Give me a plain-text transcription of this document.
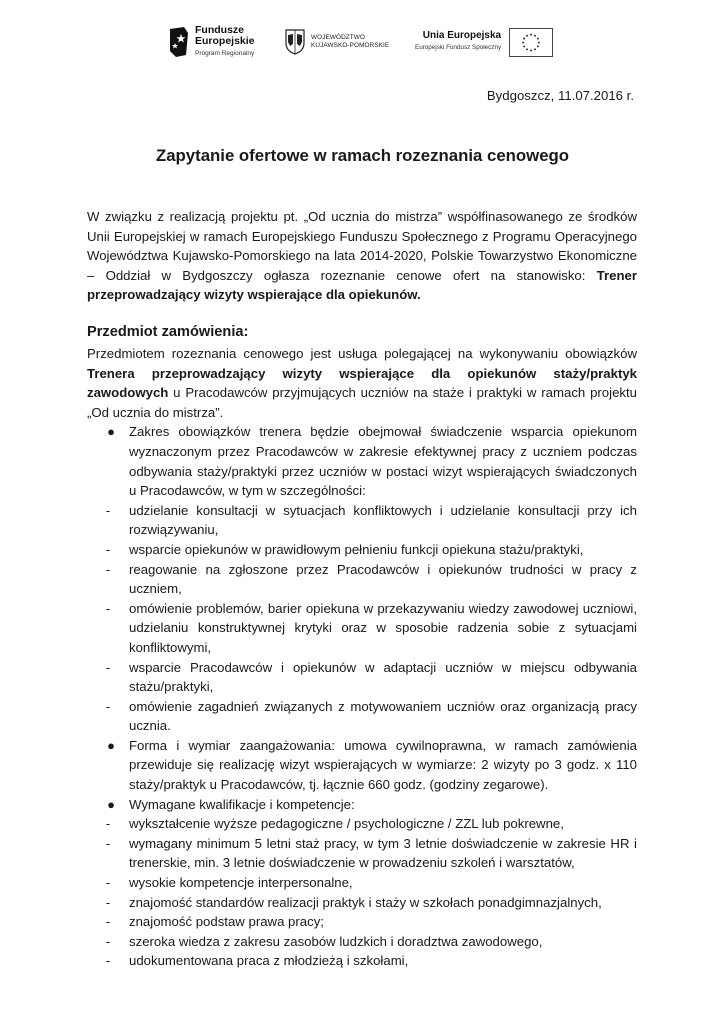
Fundusze
Europejskie
Program Regionalny
WOJEWÓDZTWO
KUJAWSKO-POMORSKIE
Unia Europejska
Europejski Fundusz Społeczny
Bydgoszcz, 11.07.2016 r.
Zapytanie ofertowe w ramach rozeznania cenowego
W związku z realizacją projektu pt. „Od ucznia do mistrza” współfinasowanego ze środków Unii Europejskiej w ramach Europejskiego Funduszu Społecznego z Programu Operacyjnego Województwa Kujawsko-Pomorskiego na lata 2014-2020, Polskie Towarzystwo Ekonomiczne – Oddział w Bydgoszczy ogłasza rozeznanie cenowe ofert na stanowisko: Trener przeprowadzający wizyty wspierające dla opiekunów.
Przedmiot zamówienia:
Przedmiotem rozeznania cenowego jest usługa polegającej na wykonywaniu obowiązków Trenera przeprowadzający wizyty wspierające dla opiekunów staży/praktyk zawodowych u Pracodawców przyjmujących uczniów na staże i praktyki w ramach projektu „Od ucznia do mistrza”.
● Zakres obowiązków trenera będzie obejmował świadczenie wsparcia opiekunom wyznaczonym przez Pracodawców w zakresie efektywnej pracy z uczniem podczas odbywania staży/praktyki przez uczniów w postaci wizyt wspierających świadczonych u Pracodawców, w tym w szczególności:
- udzielanie konsultacji w sytuacjach konfliktowych i udzielanie konsultacji przy ich rozwiązywaniu,
- wsparcie opiekunów w prawidłowym pełnieniu funkcji opiekuna stażu/praktyki,
- reagowanie na zgłoszone przez Pracodawców i opiekunów trudności w pracy z uczniem,
- omówienie problemów, barier opiekuna w przekazywaniu wiedzy zawodowej uczniowi, udzielaniu konstruktywnej krytyki oraz w sposobie radzenia sobie z sytuacjami konfliktowymi,
- wsparcie Pracodawców i opiekunów w adaptacji uczniów w miejscu odbywania stażu/praktyki,
- omówienie zagadnień związanych z motywowaniem uczniów oraz organizacją pracy ucznia.
● Forma i wymiar zaangażowania: umowa cywilnoprawna, w ramach zamówienia przewiduje się realizację wizyt wspierających w wymiarze: 2 wizyty po 3 godz. x 110 staży/praktyk u Pracodawców, tj. łącznie 660 godz. (godziny zegarowe).
● Wymagane kwalifikacje i kompetencje:
- wykształcenie wyższe pedagogiczne / psychologiczne / ZZL lub pokrewne,
- wymagany minimum 5 letni staż pracy, w tym 3 letnie doświadczenie w zakresie HR i trenerskie, min. 3 letnie doświadczenie w prowadzeniu szkoleń i warsztatów,
- wysokie kompetencje interpersonalne,
- znajomość standardów realizacji praktyk i staży w szkołach ponadgimnazjalnych,
- znajomość podstaw prawa pracy;
- szeroka wiedza z zakresu zasobów ludzkich i doradztwa zawodowego,
- udokumentowana praca z młodzieżą i szkołami,
